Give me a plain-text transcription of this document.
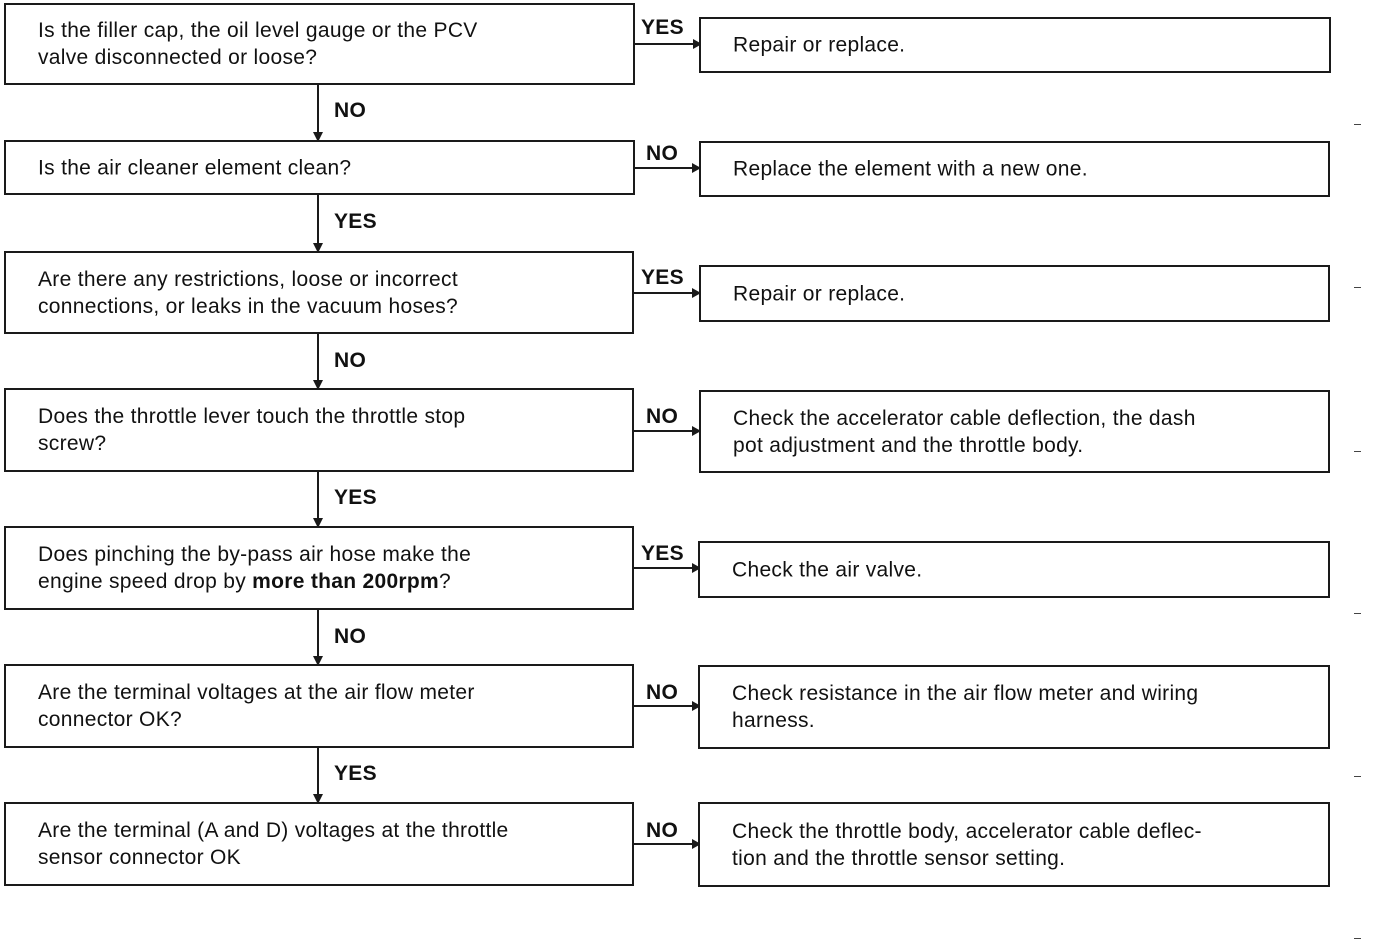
Is the filler cap, the oil level gauge or the PCV
valve disconnected or loose?
YES
Repair or replace.
NO
Is the air cleaner element clean?
NO
Replace the element with a new one.
YES
Are there any restrictions, loose or incorrect
connections, or leaks in the vacuum hoses?
YES
Repair or replace.
NO
Does the throttle lever touch the throttle stop
screw?
NO	Check the accelerator cable deflection, the dash
pot adjustment and the throttle body.
YES
Does pinching the by-pass air hose make the
engine speed drop by more than 200rpm?
YES
Check the air valve.
NO
Are the terminal voltages at the air flow meter
connector OK?
NO	Check resistance in the air flow meter and wiring
harness.
YES
Are the terminal (A and D) voltages at the throttle
sensor connector OK
NO	Check the throttle body, accelerator cable deflec-
tion and the throttle sensor setting.
